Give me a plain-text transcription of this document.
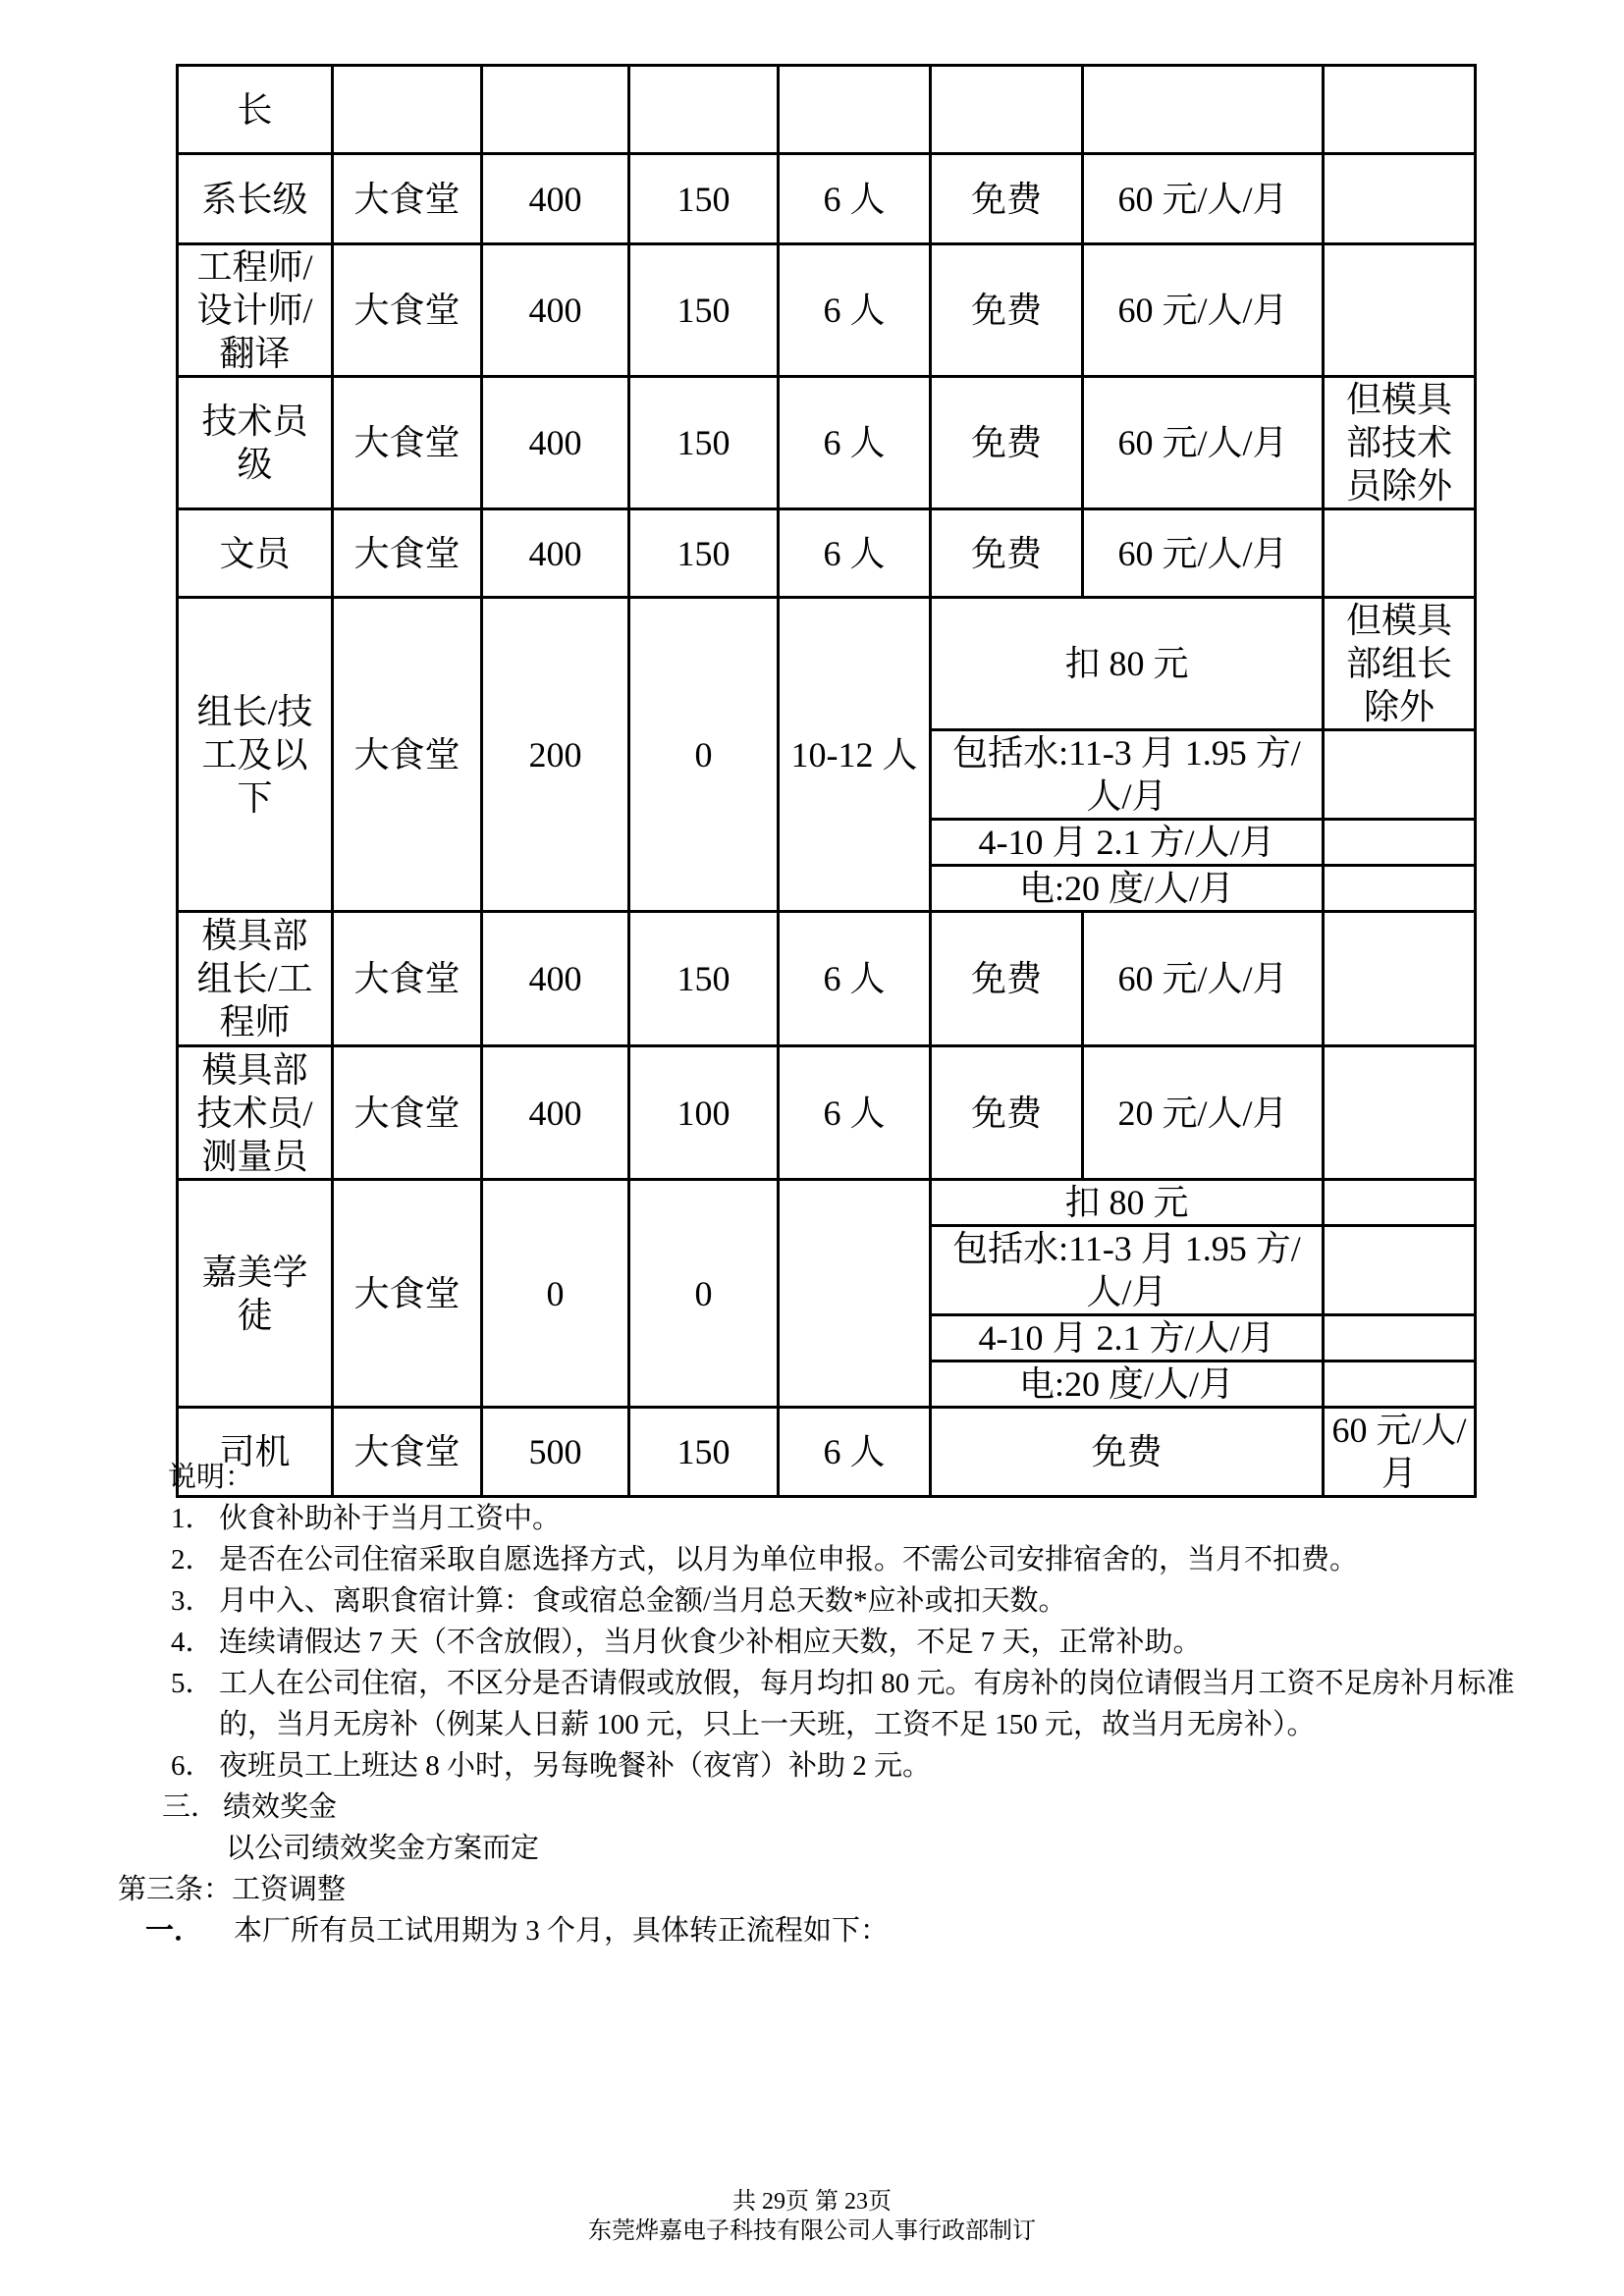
长							
系长级	大食堂	400	150	6 人	免费	60 元/人/月	
工程师/设计师/翻译	大食堂	400	150	6 人	免费	60 元/人/月	
技术员级	大食堂	400	150	6 人	免费	60 元/人/月	但模具部技术员除外
文员	大食堂	400	150	6 人	免费	60 元/人/月	
组长/技工及以下	大食堂	200	0	10-12 人	扣 80 元		但模具部组长除外
					包括水:11-3 月 1.95 方/人/月		
					4-10 月 2.1 方/人/月		
					电:20 度/人/月		
模具部组长/工程师	大食堂	400	150	6 人	免费	60 元/人/月	
模具部技术员/测量员	大食堂	400	100	6 人	免费	20 元/人/月	
嘉美学徒	大食堂	0	0		扣 80 元		
					包括水:11-3 月 1.95 方/人/月		
					4-10 月 2.1 方/人/月		
					电:20 度/人/月		
司机	大食堂	500	150	6 人	免费		60 元/人/月
说明：
1． 伙食补助补于当月工资中。
2． 是否在公司住宿采取自愿选择方式，以月为单位申报。不需公司安排宿舍的，当月不扣费。
3． 月中入、离职食宿计算：食或宿总金额/当月总天数*应补或扣天数。
4． 连续请假达 7 天（不含放假），当月伙食少补相应天数，不足 7 天，正常补助。
5． 工人在公司住宿，不区分是否请假或放假，每月均扣 80 元。有房补的岗位请假当月工资不足房补月标准的，当月无房补（例某人日薪 100 元，只上一天班，工资不足 150 元，故当月无房补）。
6． 夜班员工上班达 8 小时，另每晚餐补（夜宵）补助 2 元。
三． 绩效奖金
以公司绩效奖金方案而定
第三条：工资调整
一．	本厂所有员工试用期为 3 个月，具体转正流程如下：
共 29页 第 23页
东莞烨嘉电子科技有限公司人事行政部制订
